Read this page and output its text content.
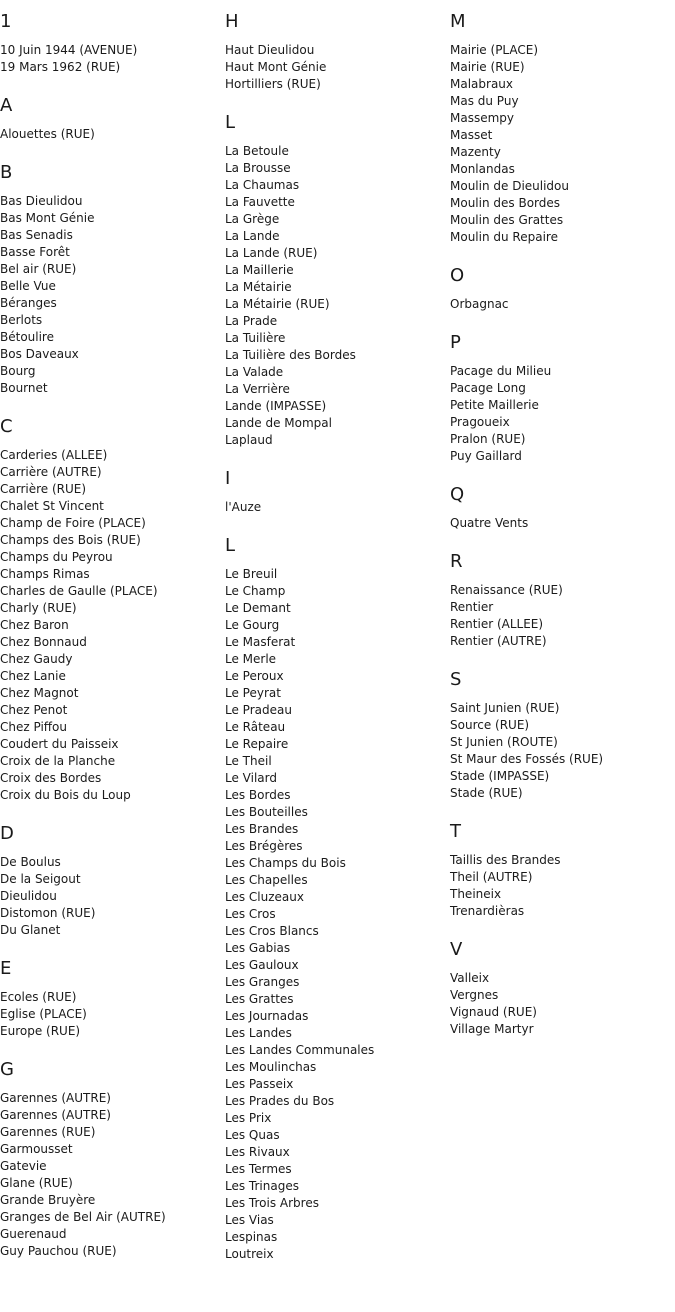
1
10 Juin 1944 (AVENUE)
19 Mars 1962 (RUE)
A
Alouettes (RUE)
B
Bas Dieulidou
Bas Mont Génie
Bas Senadis
Basse Forêt
Bel air (RUE)
Belle Vue
Béranges
Berlots
Bétoulire
Bos Daveaux
Bourg
Bournet
C
Carderies (ALLEE)
Carrière (AUTRE)
Carrière (RUE)
Chalet St Vincent
Champ de Foire (PLACE)
Champs des Bois (RUE)
Champs du Peyrou
Champs Rimas
Charles de Gaulle (PLACE)
Charly (RUE)
Chez Baron
Chez Bonnaud
Chez Gaudy
Chez Lanie
Chez Magnot
Chez Penot
Chez Piffou
Coudert du Paisseix
Croix de la Planche
Croix des Bordes
Croix du Bois du Loup
D
De Boulus
De la Seigout
Dieulidou
Distomon (RUE)
Du Glanet
E
Ecoles (RUE)
Eglise (PLACE)
Europe (RUE)
G
Garennes (AUTRE)
Garennes (AUTRE)
Garennes (RUE)
Garmousset
Gatevie
Glane (RUE)
Grande Bruyère
Granges de Bel Air (AUTRE)
Guerenaud
Guy Pauchou (RUE)
H
Haut Dieulidou
Haut Mont Génie
Hortilliers (RUE)
L
La Betoule
La Brousse
La Chaumas
La Fauvette
La Grège
La Lande
La Lande (RUE)
La Maillerie
La Métairie
La Métairie (RUE)
La Prade
La Tuilière
La Tuilière des Bordes
La Valade
La Verrière
Lande (IMPASSE)
Lande de Mompal
Laplaud
I
l'Auze
L
Le Breuil
Le Champ
Le Demant
Le Gourg
Le Masferat
Le Merle
Le Peroux
Le Peyrat
Le Pradeau
Le Râteau
Le Repaire
Le Theil
Le Vilard
Les Bordes
Les Bouteilles
Les Brandes
Les Brégères
Les Champs du Bois
Les Chapelles
Les Cluzeaux
Les Cros
Les Cros Blancs
Les Gabias
Les Gauloux
Les Granges
Les Grattes
Les Journadas
Les Landes
Les Landes Communales
Les Moulinchas
Les Passeix
Les Prades du Bos
Les Prix
Les Quas
Les Rivaux
Les Termes
Les Trinages
Les Trois Arbres
Les Vias
Lespinas
Loutreix
M
Mairie (PLACE)
Mairie (RUE)
Malabraux
Mas du Puy
Massempy
Masset
Mazenty
Monlandas
Moulin de Dieulidou
Moulin des Bordes
Moulin des Grattes
Moulin du Repaire
O
Orbagnac
P
Pacage du Milieu
Pacage Long
Petite Maillerie
Pragoueix
Pralon (RUE)
Puy Gaillard
Q
Quatre Vents
R
Renaissance (RUE)
Rentier
Rentier (ALLEE)
Rentier (AUTRE)
S
Saint Junien (RUE)
Source (RUE)
St Junien (ROUTE)
St Maur des Fossés (RUE)
Stade (IMPASSE)
Stade (RUE)
T
Taillis des Brandes
Theil (AUTRE)
Theineix
Trenardièras
V
Valleix
Vergnes
Vignaud (RUE)
Village Martyr
